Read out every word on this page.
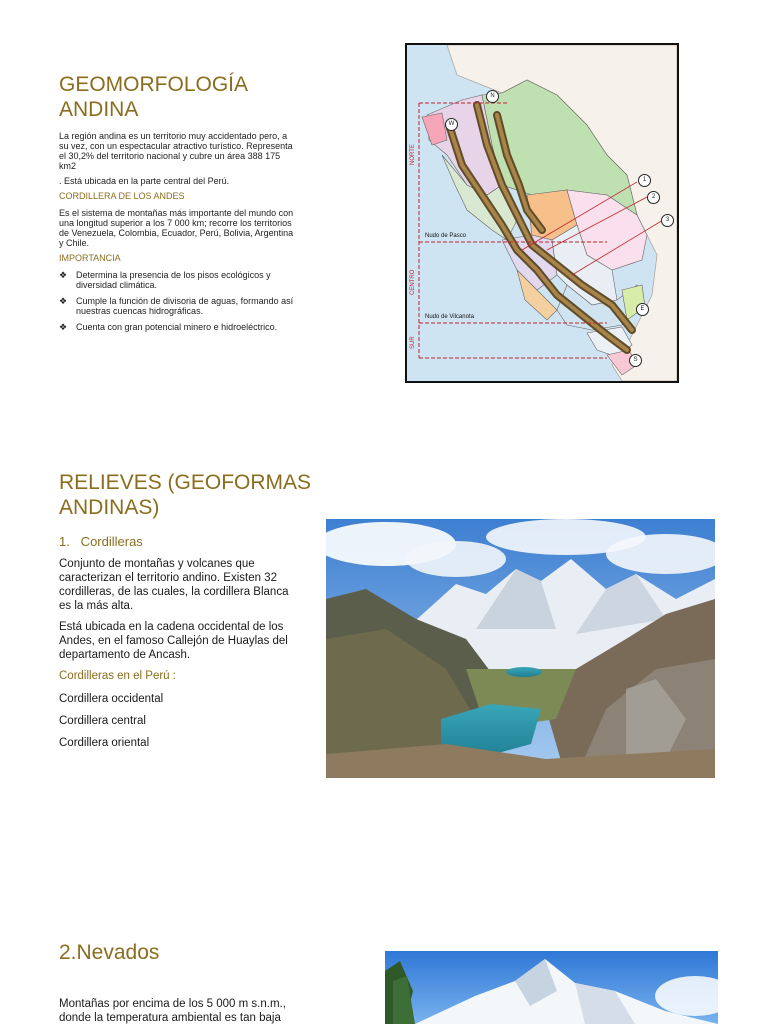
GEOMORFOLOGÍA
ANDINA

La región andina es un territorio muy accidentado pero, a su vez, con un espectacular atractivo turístico. Representa el 30,2% del territorio nacional y cubre un área 388 175 km2

. Está ubicada en la parte central del Perú.

CORDILLERA DE LOS ANDES

Es el sistema de montañas más importante del mundo con una longitud superior a los 7 000 km; recorre los territorios de Venezuela, Colombia, Ecuador, Perú, Bolivia, Argentina y Chile.

IMPORTANCIA
❖ Determina la presencia de los pisos ecológicos y diversidad climática.
❖ Cumple la función de divisoria de aguas, formando así nuestras cuencas hidrográficas.
❖ Cuenta con gran potencial minero e hidroeléctrico.
NORTE
CENTRO
SUR
Nudo de Pasco
Nudo de Vilcanota
N
W
1
2
3
E
S
RELIEVES (GEOFORMAS
ANDINAS)
1.   Cordilleras

Conjunto de montañas y volcanes que caracterizan el territorio andino. Existen 32 cordilleras, de las cuales, la cordillera Blanca es la más alta.

Está ubicada en la cadena occidental de los Andes, en el famoso Callejón de Huaylas del departamento de Ancash.

Cordilleras en el Perú :
Cordillera occidental
Cordillera central
Cordillera oriental
2.Nevados
Montañas por encima de los 5 000 m s.n.m.,
donde la temperatura ambiental es tan baja
